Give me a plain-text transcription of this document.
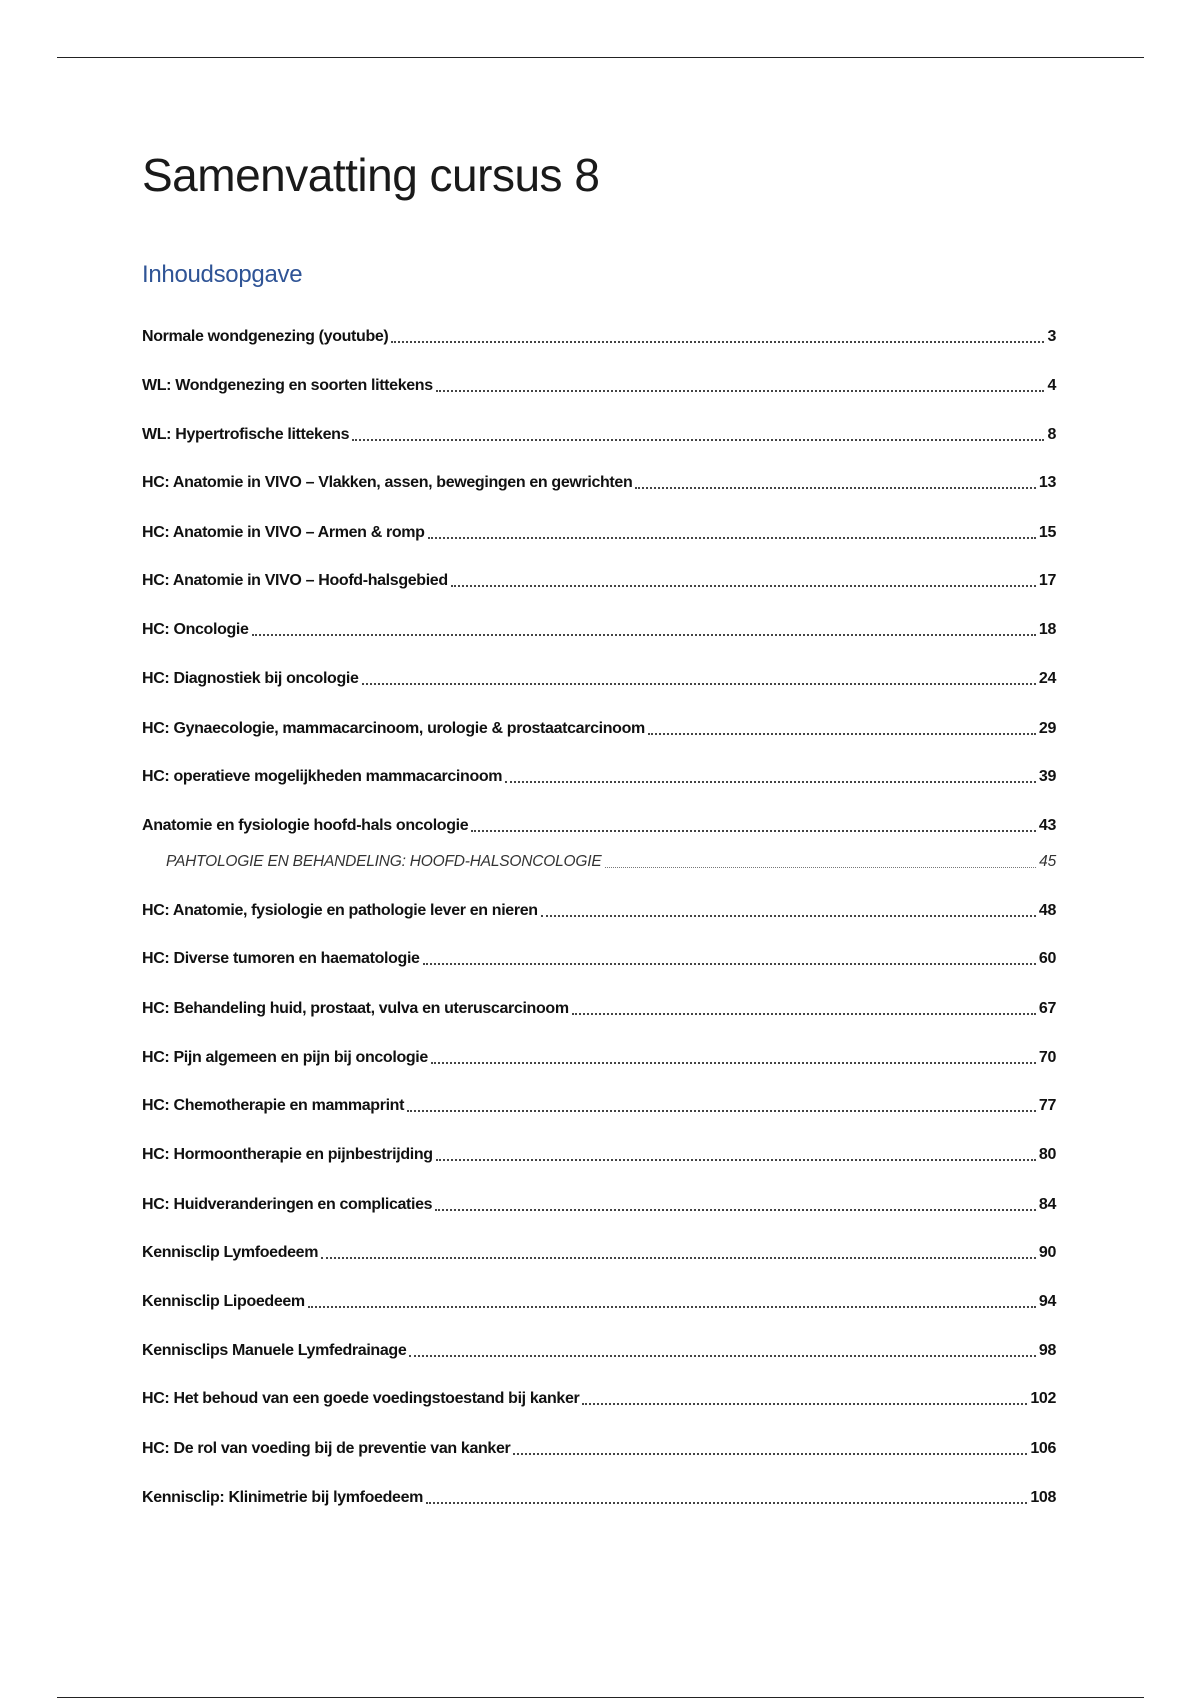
Samenvatting cursus 8
Inhoudsopgave
Normale wondgenezing (youtube)	3
WL: Wondgenezing en soorten littekens	4
WL: Hypertrofische littekens	8
HC: Anatomie in VIVO – Vlakken, assen, bewegingen en gewrichten	13
HC: Anatomie in VIVO – Armen & romp	15
HC: Anatomie in VIVO – Hoofd-halsgebied	17
HC: Oncologie	18
HC: Diagnostiek bij oncologie	24
HC: Gynaecologie, mammacarcinoom, urologie & prostaatcarcinoom	29
HC: operatieve mogelijkheden mammacarcinoom	39
Anatomie en fysiologie hoofd-hals oncologie	43
PAHTOLOGIE EN BEHANDELING: HOOFD-HALSONCOLOGIE	45
HC: Anatomie, fysiologie en pathologie lever en nieren	48
HC: Diverse tumoren en haematologie	60
HC: Behandeling huid, prostaat, vulva en uteruscarcinoom	67
HC: Pijn algemeen en pijn bij oncologie	70
HC: Chemotherapie en mammaprint	77
HC: Hormoontherapie en pijnbestrijding	80
HC: Huidveranderingen en complicaties	84
Kennisclip Lymfoedeem	90
Kennisclip Lipoedeem	94
Kennisclips Manuele Lymfedrainage	98
HC: Het behoud van een goede voedingstoestand bij kanker	102
HC: De rol van voeding bij de preventie van kanker	106
Kennisclip: Klinimetrie bij lymfoedeem	108
